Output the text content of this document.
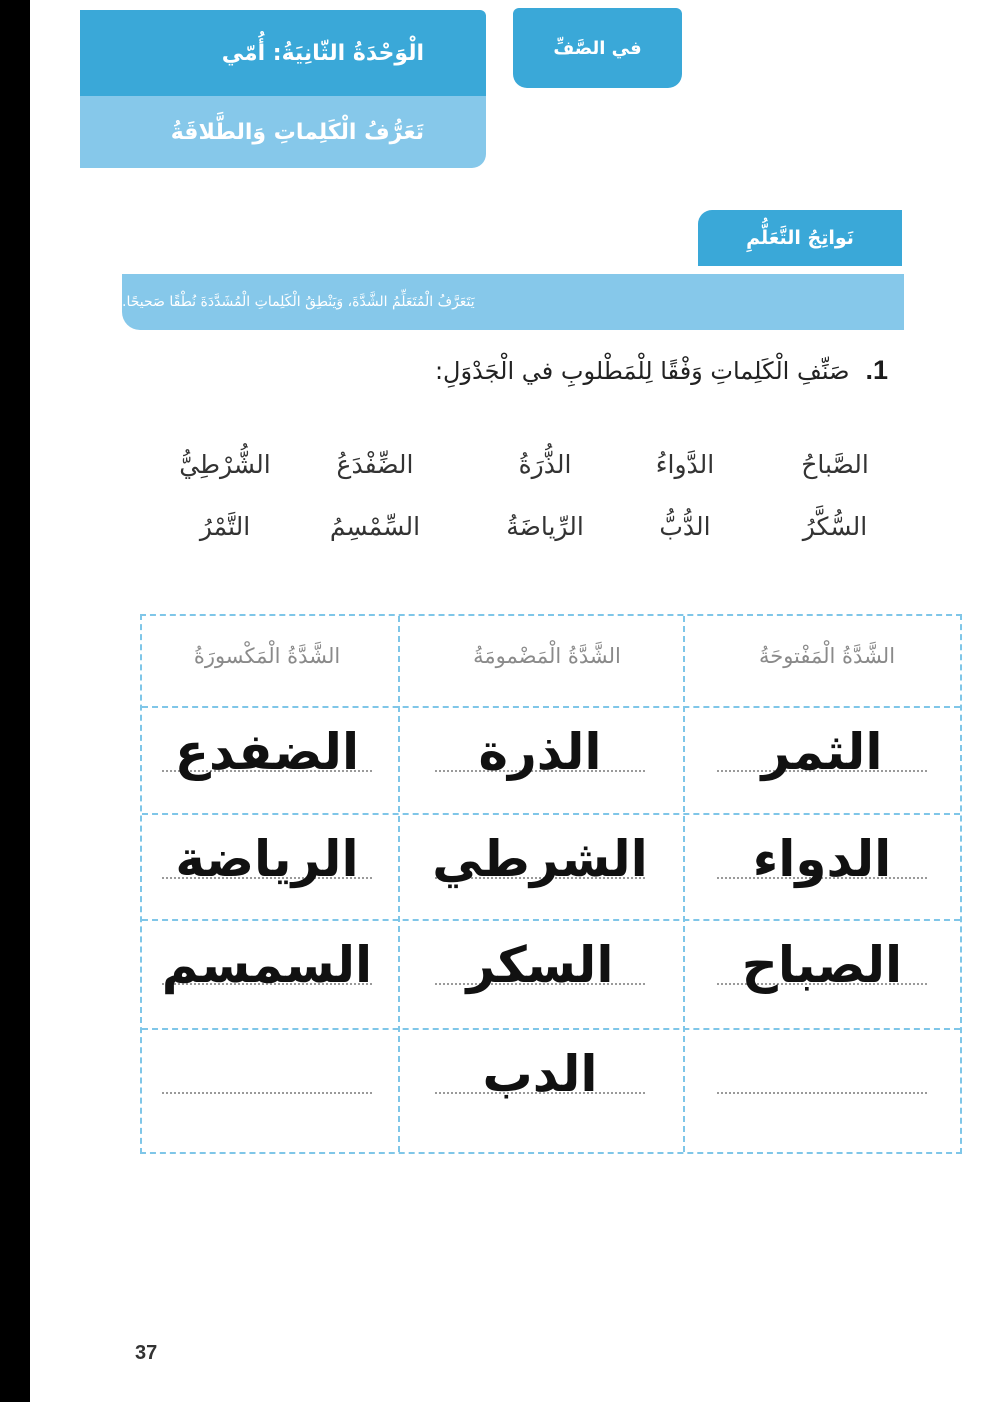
الْوَحْدَةُ الثّانِيَةُ: أُمّي
تَعَرُّفُ الْكَلِماتِ وَالطَّلاقَةُ
في الصَّفِّ
نَواتِجُ التَّعَلُّمِ
يَتَعَرَّفُ الْمُتَعَلِّمُ الشَّدَّةَ، وَيَنْطِقُ الْكَلِماتِ الْمُشَدَّدَةَ نُطْقًا صَحيحًا.
1.
صَنِّفِ الْكَلِماتِ وَفْقًا لِلْمَطْلوبِ في الْجَدْوَلِ:
الصَّباحُ
الدَّواءُ
الذُّرَةُ
الضِّفْدَعُ
الشُّرْطِيُّ
السُّكَّرُ
الدُّبُّ
الرِّياضَةُ
السِّمْسِمُ
التَّمْرُ
الشَّدَّةُ الْمَفْتوحَةُ
الشَّدَّةُ الْمَضْمومَةُ
الشَّدَّةُ الْمَكْسورَةُ
الثمر
الدواء
الصباح
الذرة
الشرطي
السكر
الدب
الضفدع
الرياضة
السمسم
37
